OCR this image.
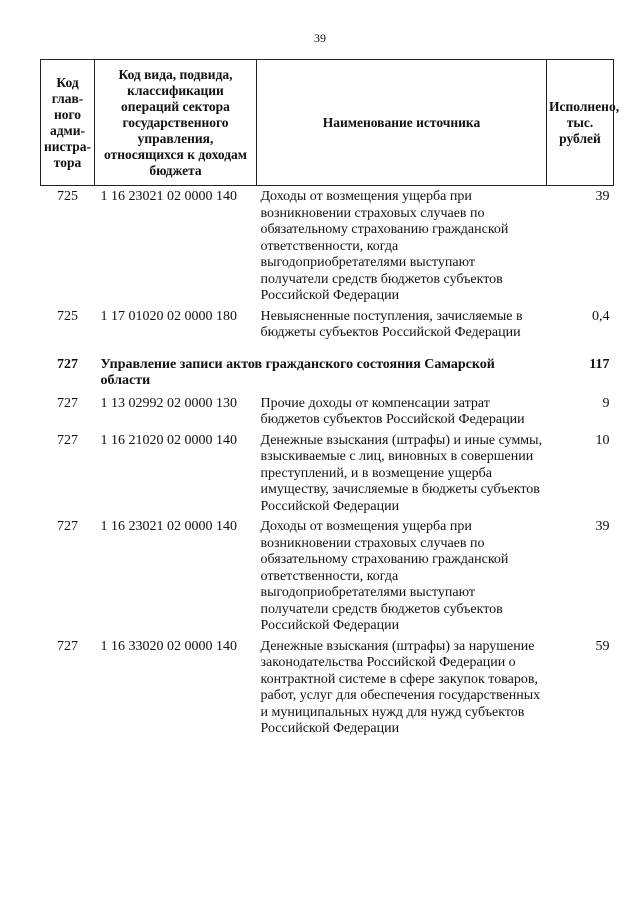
39
Код глав-ного адми-нистра-тора	Код вида, подвида, классификации операций сектора государственного управления, относящихся к доходам бюджета	Наименование источника	Исполнено, тыс. рублей
725	1 16 23021 02 0000 140	Доходы от возмещения ущерба при возникновении страховых случаев по обязательному страхованию гражданской ответственности, когда выгодоприобретателями выступают получатели средств бюджетов субъектов Российской Федерации	39
725	1 17 01020 02 0000 180	Невыясненные поступления, зачисляемые в бюджеты субъектов Российской Федерации	0,4
727	Управление записи актов гражданского состояния Самарской области		117
727	1 13 02992 02 0000 130	Прочие доходы от компенсации затрат бюджетов субъектов Российской Федерации	9
727	1 16 21020 02 0000 140	Денежные взыскания (штрафы) и иные суммы, взыскиваемые с лиц, виновных в совершении преступлений, и в возмещение ущерба имуществу, зачисляемые в бюджеты субъектов Российской Федерации	10
727	1 16 23021 02 0000 140	Доходы от возмещения ущерба при возникновении страховых случаев по обязательному страхованию гражданской ответственности, когда выгодоприобретателями выступают получатели средств бюджетов субъектов Российской Федерации	39
727	1 16 33020 02 0000 140	Денежные взыскания (штрафы) за нарушение законодательства Российской Федерации о контрактной системе в сфере закупок товаров, работ, услуг для обеспечения государственных и муниципальных нужд для нужд субъектов Российской Федерации	59
